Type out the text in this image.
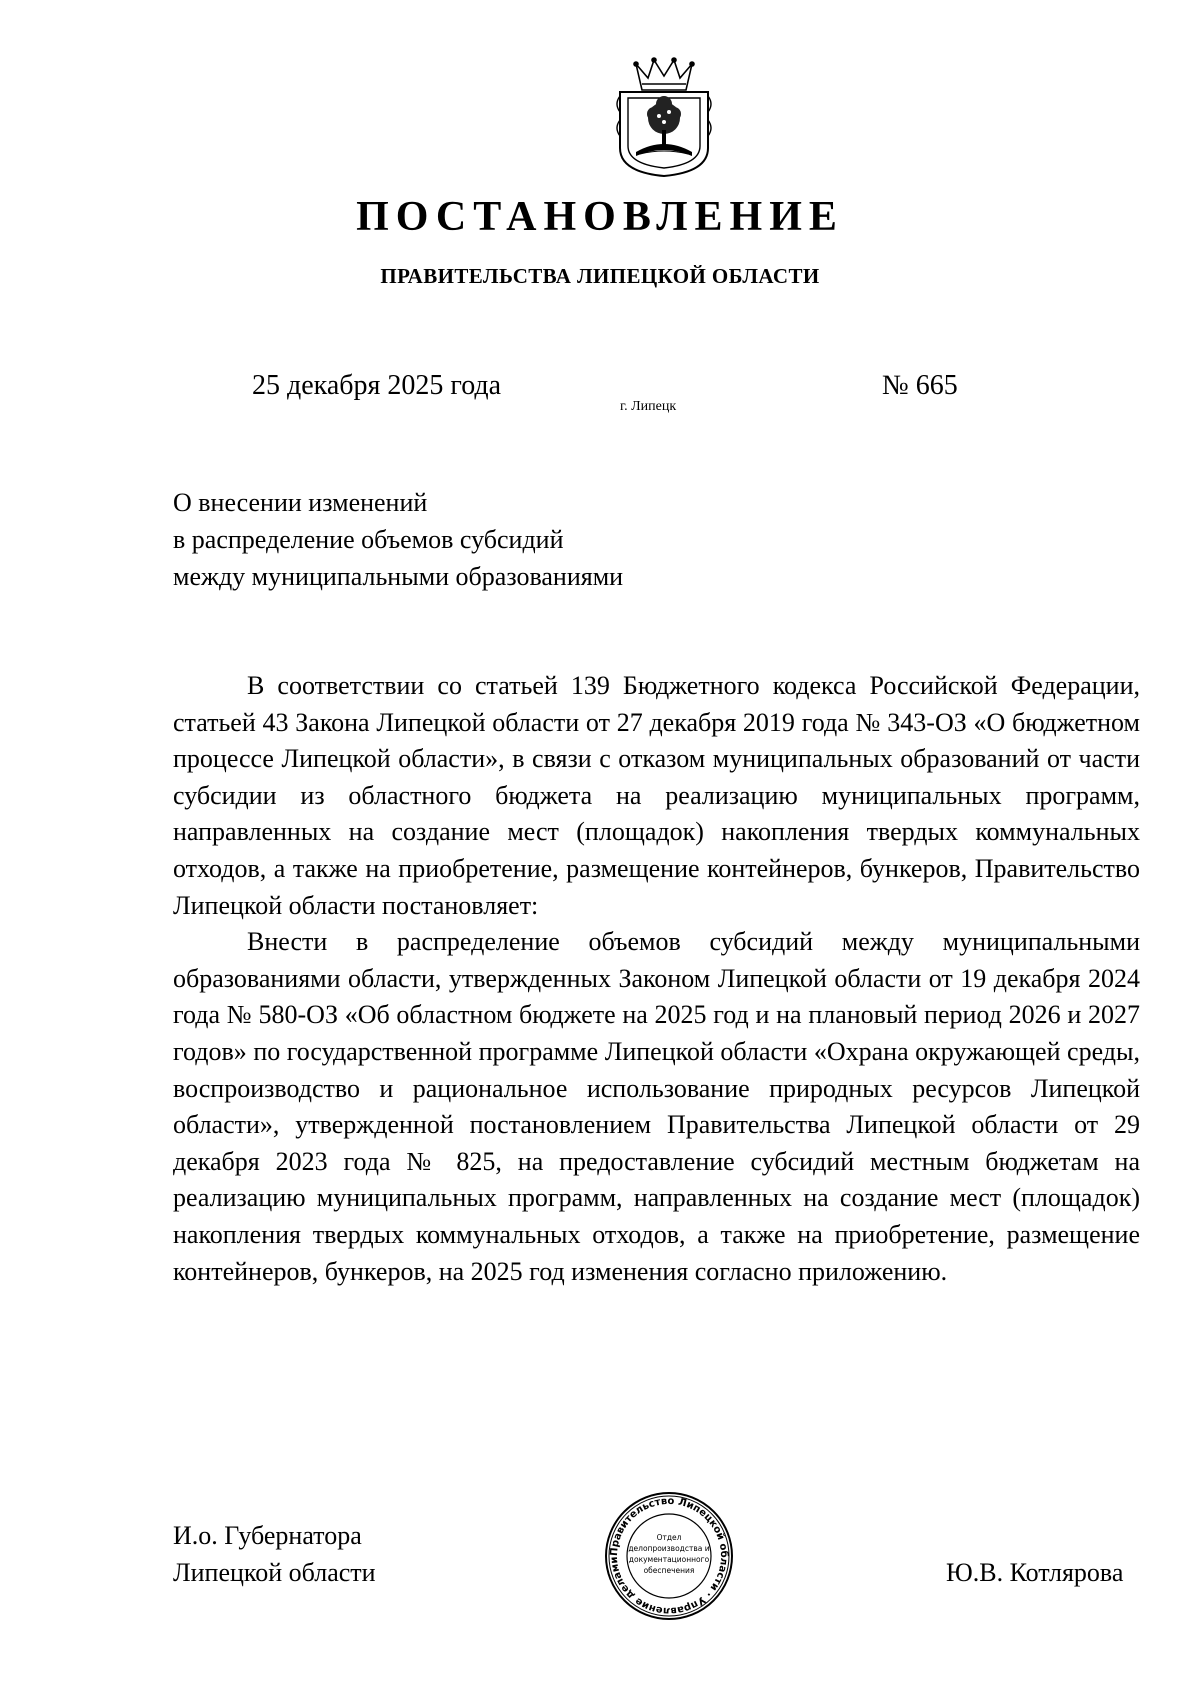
ПОСТАНОВЛЕНИЕ
ПРАВИТЕЛЬСТВА ЛИПЕЦКОЙ ОБЛАСТИ
25 декабря 2025 года
г. Липецк
№ 665
О внесении изменений
в распределение объемов субсидий
между муниципальными образованиями

В соответствии со статьей 139 Бюджетного кодекса Российской Федерации, статьей 43 Закона Липецкой области от 27 декабря 2019 года № 343-ОЗ «О бюджетном процессе Липецкой области», в связи с отказом муниципальных образований от части субсидии из областного бюджета на реализацию муниципальных программ, направленных на создание мест (площадок) накопления твердых коммунальных отходов, а также на приобретение, размещение контейнеров, бункеров, Правительство Липецкой области постановляет:

Внести в распределение объемов субсидий между муниципальными образованиями области, утвержденных Законом Липецкой области от 19 декабря 2024 года № 580-ОЗ «Об областном бюджете на 2025 год и на плановый период 2026 и 2027 годов» по государственной программе Липецкой области «Охрана окружающей среды, воспроизводство и рациональное использование природных ресурсов Липецкой области», утвержденной постановлением Правительства Липецкой области от 29 декабря 2023 года № 825, на предоставление субсидий местным бюджетам на реализацию муниципальных программ, направленных на создание мест (площадок) накопления твердых коммунальных отходов, а также на приобретение, размещение контейнеров, бункеров, на 2025 год изменения согласно приложению.

И.о. Губернатора
Липецкой области
Правительство Липецкой области · Управление делами
Отдел
делопроизводства и
документационного
обеспечения	Ю.В. Котлярова
